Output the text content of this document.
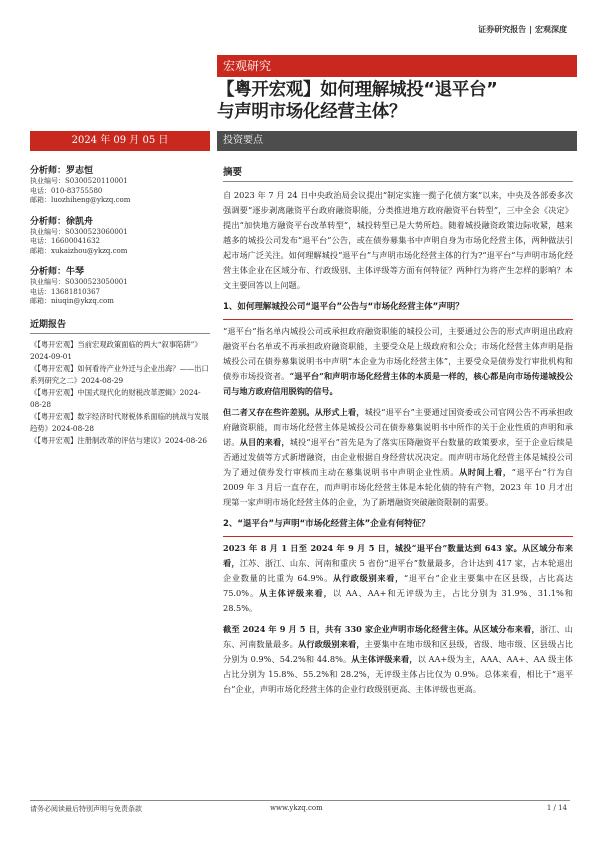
证券研究报告 | 宏观深度
宏观研究
【粤开宏观】如何理解城投“退平台”
与声明市场化经营主体？
2024 年 09 月 05 日	投资要点
分析师：罗志恒
执业编号：S0300520110001
电话：010-83755580
邮箱：luozhiheng@ykzq.com
分析师：徐凯舟
执业编号：S0300523060001
电话：16600041632
邮箱：xukaizhou@ykzq.com
分析师：牛琴
执业编号：S0300523050001
电话：13681810367
邮箱：niuqin@ykzq.com
近期报告
《【粤开宏观】当前宏观政策面临的两大“叙事陷阱”》2024-09-01
《【粤开宏观】如何看待产业外迁与企业出海？——出口系列研究之二》2024-08-29
《【粤开宏观】中国式现代化的财税改革逻辑》2024-08-28
《【粤开宏观】数字经济时代财税体系面临的挑战与发展趋势》2024-08-28
《【粤开宏观】注册制改革的评估与建议》2024-08-26
摘要
自 2023 年 7 月 24 日中央政治局会议提出“制定实施一揽子化债方案”以来，中央及各部委多次强调要“逐步剥离融资平台政府融资职能，分类推进地方政府融资平台转型”，三中全会《决定》提出“加快地方融资平台改革转型”，城投转型已是大势所趋。随着城投融资政策边际收紧，越来越多的城投公司发布“退平台”公告，或在债券募集书中声明自身为市场化经营主体，两种做法引起市场广泛关注。如何理解城投“退平台”与声明市场化经营主体的行为?“退平台”与声明市场化经营主体企业在区域分布、行政级别、主体评级等方面有何特征？两种行为将产生怎样的影响？本文主要回答以上问题。
1、如何理解城投公司“退平台”公告与“市场化经营主体”声明？
“退平台”指名单内城投公司或承担政府融资职能的城投公司，主要通过公告的形式声明退出政府融资平台名单或不再承担政府融资职能，主要受众是上级政府和公众；市场化经营主体声明是指城投公司在债券募集说明书中声明“本企业为市场化经营主体”，主要受众是债券发行审批机构和债券市场投资者。“退平台”和声明市场化经营主体的本质是一样的，核心都是向市场传递城投公司与地方政府信用脱钩的信号。
但二者又存在些许差别。从形式上看，城投“退平台”主要通过国资委或公司官网公告不再承担政府融资职能，而市场化经营主体是城投公司在债券募集说明书中所作的关于企业性质的声明和承诺。从目的来看，城投“退平台”首先是为了落实压降融资平台数量的政策要求，至于企业后续是否通过发债等方式新增融资，由企业根据自身经营状况决定。而声明市场化经营主体是城投公司为了通过债券发行审核而主动在募集说明书中声明企业性质。从时间上看，“退平台”行为自 2009 年 3 月后一直存在，而声明市场化经营主体是本轮化债的特有产物，2023 年 10 月才出现第一家声明市场化经营主体的企业，为了新增融资突破融资限制的需要。
2、“退平台”与声明“市场化经营主体”企业有何特征？
2023 年 8 月 1 日至 2024 年 9 月 5 日，城投“退平台”数量达到 643 家。从区域分布来看，江苏、浙江、山东、河南和重庆 5 省份“退平台”数量最多，合计达到 417 家，占本轮退出企业数量的比重为 64.9%。从行政级别来看，“退平台”企业主要集中在区县级，占比高达 75.0%。从主体评级来看，以 AA、AA+和无评级为主，占比分别为 31.9%、31.1%和 28.5%。
截至 2024 年 9 月 5 日，共有 330 家企业声明市场化经营主体。从区域分布来看，浙江、山东、河南数量最多。从行政级别来看，主要集中在地市级和区县级，省级、地市级、区县级占比分别为 0.9%、54.2%和 44.8%。从主体评级来看，以 AA+级为主，AAA、AA+、AA 级主体占比分别为 15.8%、55.2%和 28.2%，无评级主体占比仅为 0.9%。总体来看，相比于“退平台”企业，声明市场化经营主体的企业行政级别更高、主体评级也更高。
请务必阅读最后特别声明与免责条款	www.ykzq.com	1 / 14
